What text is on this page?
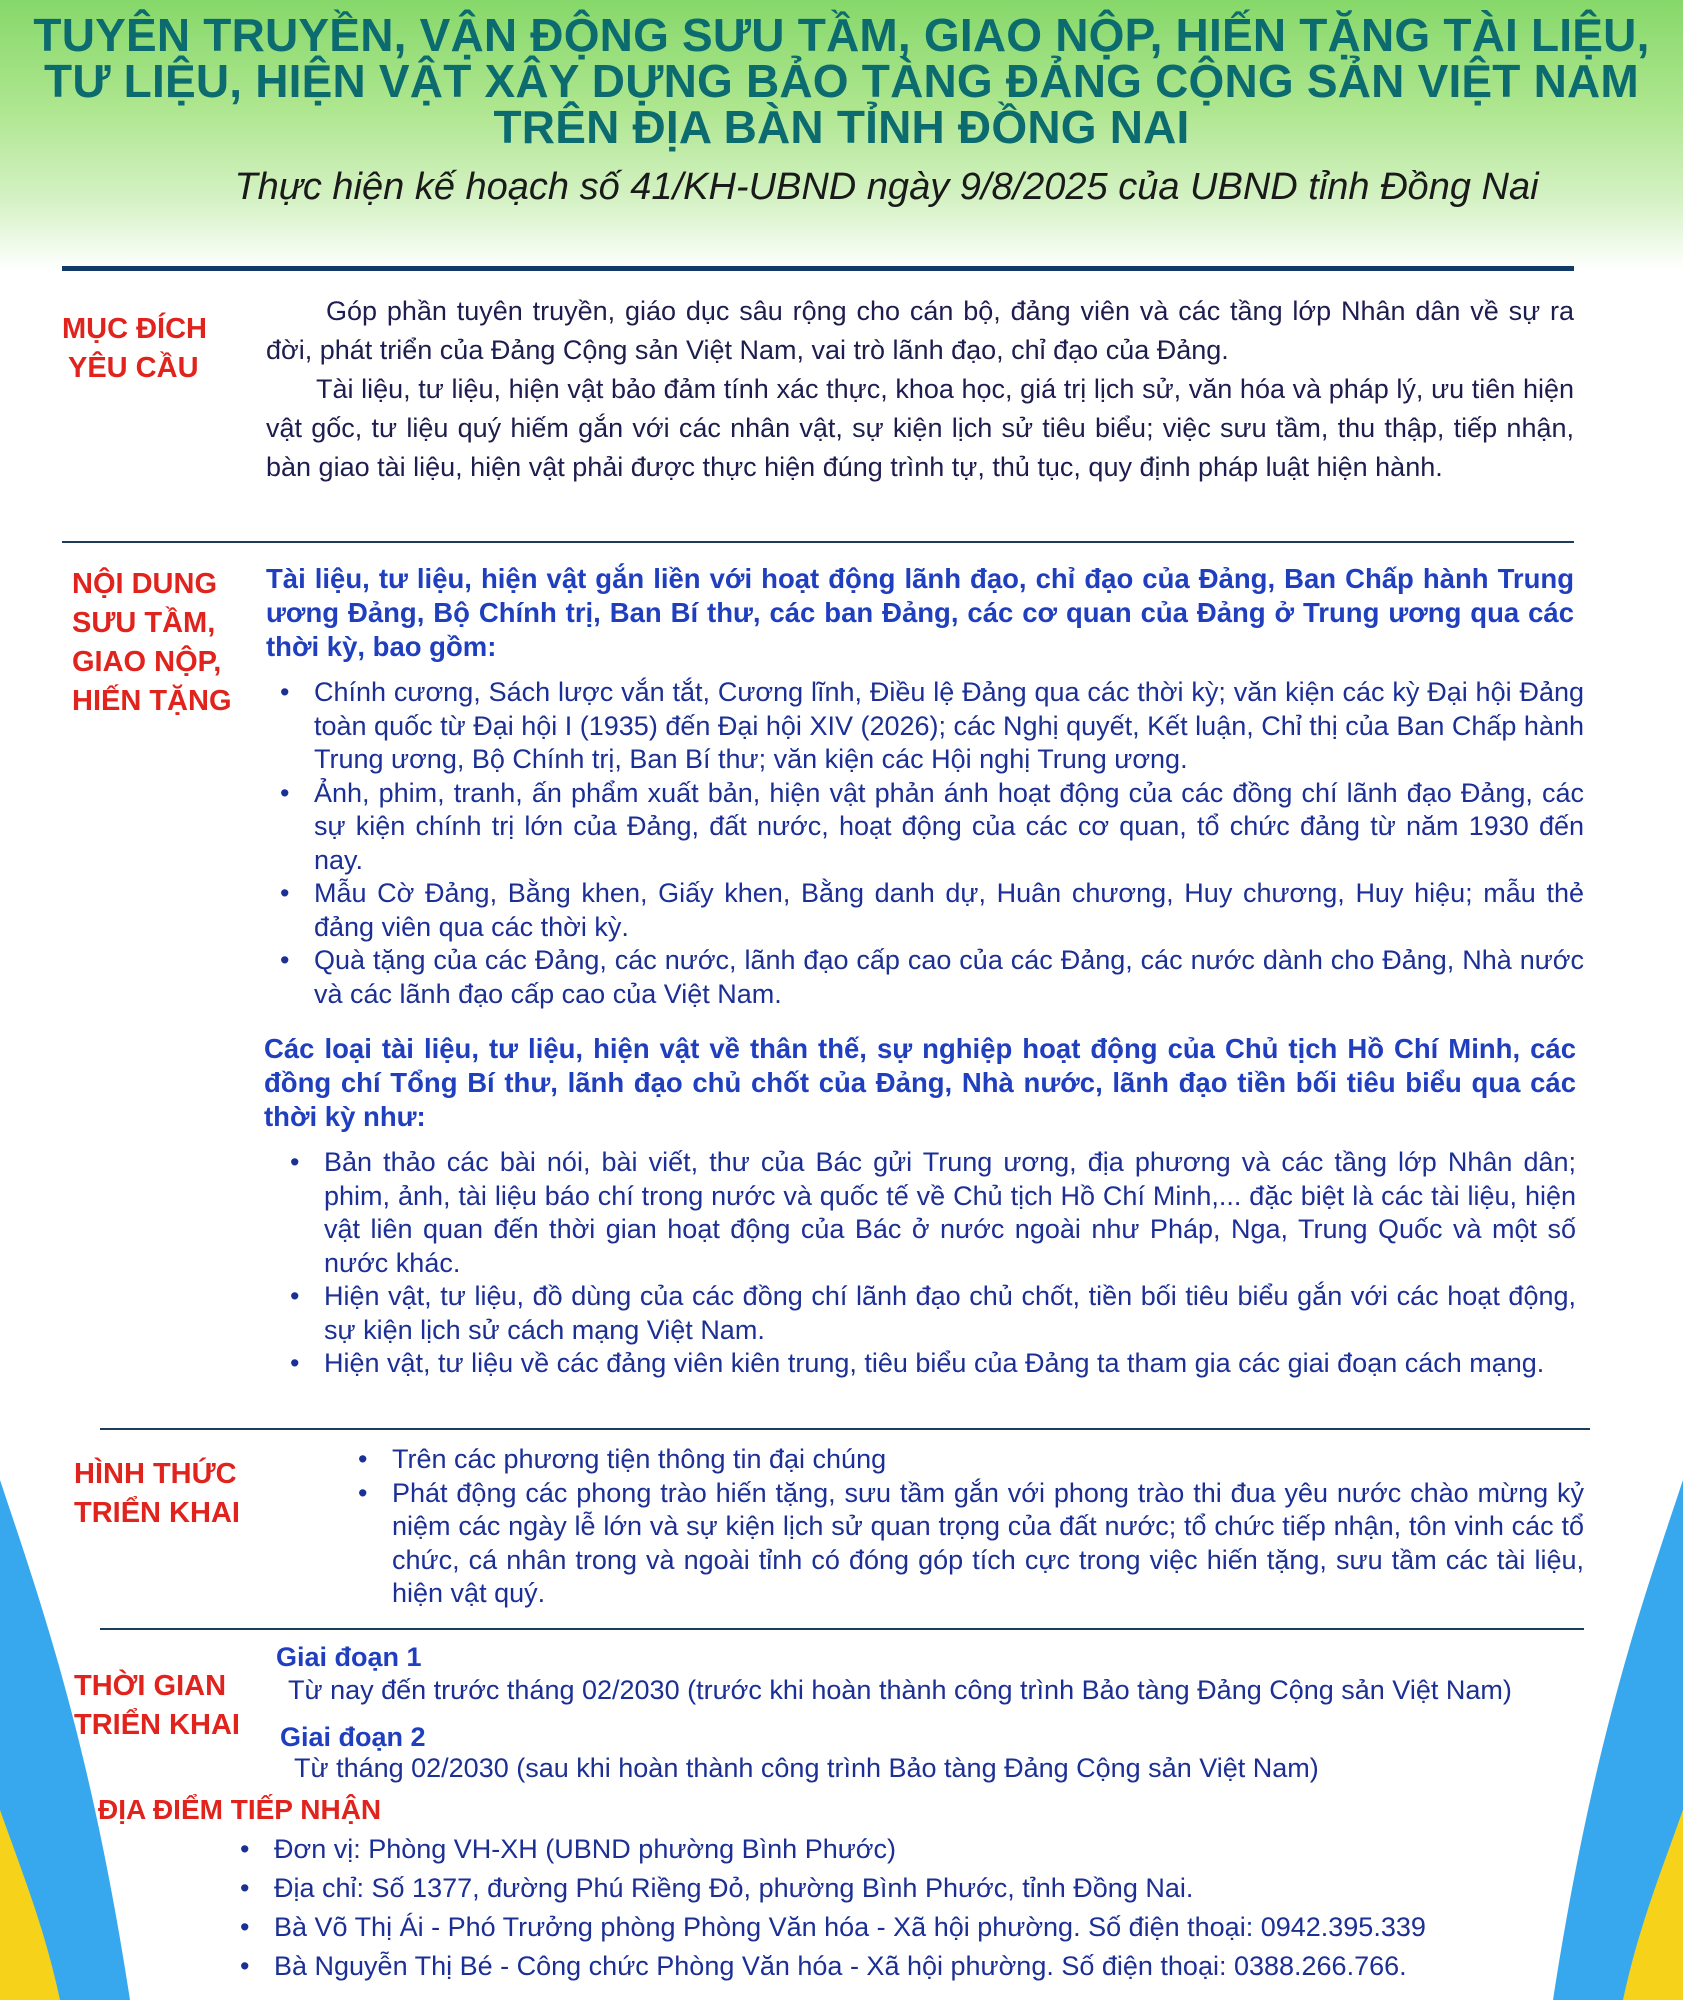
TUYÊN TRUYỀN, VẬN ĐỘNG SƯU TẦM, GIAO NỘP, HIẾN TẶNG TÀI LIỆU,
TƯ LIỆU, HIỆN VẬT XÂY DỰNG BẢO TÀNG ĐẢNG CỘNG SẢN VIỆT NAM
TRÊN ĐỊA BÀN TỈNH ĐỒNG NAI
Thực hiện kế hoạch số 41/KH-UBND ngày 9/8/2025 của UBND tỉnh Đồng Nai
MỤC ĐÍCH
YÊU CẦU

Góp phần tuyên truyền, giáo dục sâu rộng cho cán bộ, đảng viên và các tầng lớp Nhân dân về sự ra đời, phát triển của Đảng Cộng sản Việt Nam, vai trò lãnh đạo, chỉ đạo của Đảng.

Tài liệu, tư liệu, hiện vật bảo đảm tính xác thực, khoa học, giá trị lịch sử, văn hóa và pháp lý, ưu tiên hiện vật gốc, tư liệu quý hiếm gắn với các nhân vật, sự kiện lịch sử tiêu biểu; việc sưu tầm, thu thập, tiếp nhận, bàn giao tài liệu, hiện vật phải được thực hiện đúng trình tự, thủ tục, quy định pháp luật hiện hành.

NỘI DUNG
SƯU TẦM,
GIAO NỘP,
HIẾN TẶNG
Tài liệu, tư liệu, hiện vật gắn liền với hoạt động lãnh đạo, chỉ đạo của Đảng, Ban Chấp hành Trung ương Đảng, Bộ Chính trị, Ban Bí thư, các ban Đảng, các cơ quan của Đảng ở Trung ương qua các thời kỳ, bao gồm:
• Chính cương, Sách lược vắn tắt, Cương lĩnh, Điều lệ Đảng qua các thời kỳ; văn kiện các kỳ Đại hội Đảng toàn quốc từ Đại hội I (1935) đến Đại hội XIV (2026); các Nghị quyết, Kết luận, Chỉ thị của Ban Chấp hành Trung ương, Bộ Chính trị, Ban Bí thư; văn kiện các Hội nghị Trung ương.
• Ảnh, phim, tranh, ấn phẩm xuất bản, hiện vật phản ánh hoạt động của các đồng chí lãnh đạo Đảng, các sự kiện chính trị lớn của Đảng, đất nước, hoạt động của các cơ quan, tổ chức đảng từ năm 1930 đến nay.
• Mẫu Cờ Đảng, Bằng khen, Giấy khen, Bằng danh dự, Huân chương, Huy chương, Huy hiệu; mẫu thẻ đảng viên qua các thời kỳ.
• Quà tặng của các Đảng, các nước, lãnh đạo cấp cao của các Đảng, các nước dành cho Đảng, Nhà nước và các lãnh đạo cấp cao của Việt Nam.
Các loại tài liệu, tư liệu, hiện vật về thân thế, sự nghiệp hoạt động của Chủ tịch Hồ Chí Minh, các đồng chí Tổng Bí thư, lãnh đạo chủ chốt của Đảng, Nhà nước, lãnh đạo tiền bối tiêu biểu qua các thời kỳ như:
• Bản thảo các bài nói, bài viết, thư của Bác gửi Trung ương, địa phương và các tầng lớp Nhân dân; phim, ảnh, tài liệu báo chí trong nước và quốc tế về Chủ tịch Hồ Chí Minh,... đặc biệt là các tài liệu, hiện vật liên quan đến thời gian hoạt động của Bác ở nước ngoài như Pháp, Nga, Trung Quốc và một số nước khác.
• Hiện vật, tư liệu, đồ dùng của các đồng chí lãnh đạo chủ chốt, tiền bối tiêu biểu gắn với các hoạt động, sự kiện lịch sử cách mạng Việt Nam.
• Hiện vật, tư liệu về các đảng viên kiên trung, tiêu biểu của Đảng ta tham gia các giai đoạn cách mạng.
HÌNH THỨC
TRIỂN KHAI
• Trên các phương tiện thông tin đại chúng
• Phát động các phong trào hiến tặng, sưu tầm gắn với phong trào thi đua yêu nước chào mừng kỷ niệm các ngày lễ lớn và sự kiện lịch sử quan trọng của đất nước; tổ chức tiếp nhận, tôn vinh các tổ chức, cá nhân trong và ngoài tỉnh có đóng góp tích cực trong việc hiến tặng, sưu tầm các tài liệu, hiện vật quý.
THỜI GIAN
TRIỂN KHAI
Giai đoạn 1
Từ nay đến trước tháng 02/2030 (trước khi hoàn thành công trình Bảo tàng Đảng Cộng sản Việt Nam)
Giai đoạn 2
Từ tháng 02/2030 (sau khi hoàn thành công trình Bảo tàng Đảng Cộng sản Việt Nam)
ĐỊA ĐIỂM TIẾP NHẬN
• Đơn vị: Phòng VH-XH (UBND phường Bình Phước)
• Địa chỉ: Số 1377, đường Phú Riềng Đỏ, phường Bình Phước, tỉnh Đồng Nai.
• Bà Võ Thị Ái - Phó Trưởng phòng Phòng Văn hóa - Xã hội phường. Số điện thoại: 0942.395.339
• Bà Nguyễn Thị Bé - Công chức Phòng Văn hóa - Xã hội phường. Số điện thoại: 0388.266.766.
